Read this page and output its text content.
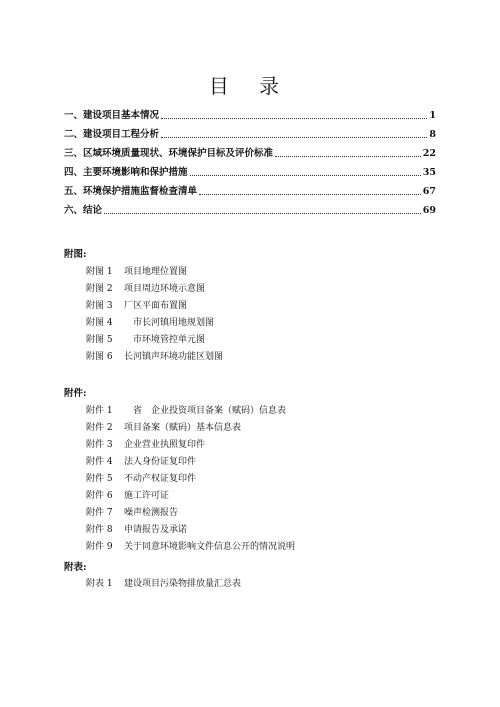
目 录
一、建设项目基本情况	1
二、建设项目工程分析	8
三、区域环境质量现状、环境保护目标及评价标准	22
四、主要环境影响和保护措施	35
五、环境保护措施监督检查清单	67
六、结论	69
附图:
附图 1	项目地理位置图
附图 2	项目周边环境示意图
附图 3	厂区平面布置图
附图 4	　市长河镇用地规划图
附图 5	　市环境管控单元图
附图 6	长河镇声环境功能区划图
附件:
附件 1	　省　企业投资项目备案（赋码）信息表
附件 2	项目备案（赋码）基本信息表
附件 3	企业营业执照复印件
附件 4	法人身份证复印件
附件 5	不动产权证复印件
附件 6	施工许可证
附件 7	噪声检测报告
附件 8	申请报告及承诺
附件 9	关于同意环境影响文件信息公开的情况说明
附表:
附表 1	建设项目污染物排放量汇总表
